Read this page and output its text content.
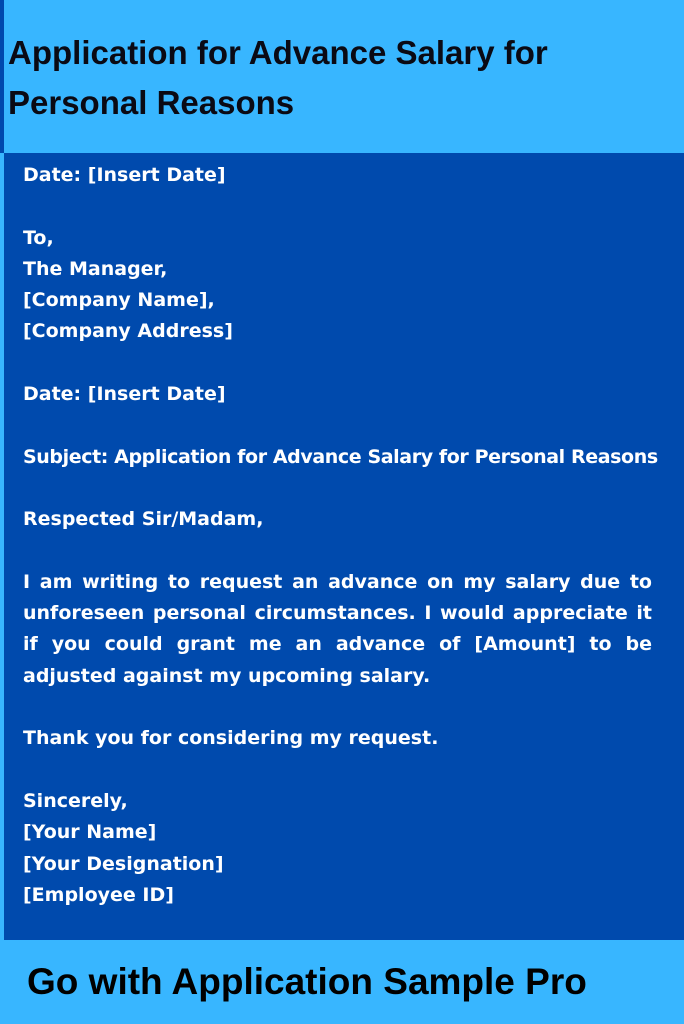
Application for Advance Salary for Personal Reasons

Date: [Insert Date]

To,
The Manager,
[Company Name],
[Company Address]

Date: [Insert Date]

Subject: Application for Advance Salary for Personal Reasons

Respected Sir/Madam,

I am writing to request an advance on my salary due to unforeseen personal circumstances. I would appreciate it if you could grant me an advance of [Amount] to be adjusted against my upcoming salary.

Thank you for considering my request.

Sincerely,
[Your Name]
[Your Designation]
[Employee ID]

Go with Application Sample Pro
